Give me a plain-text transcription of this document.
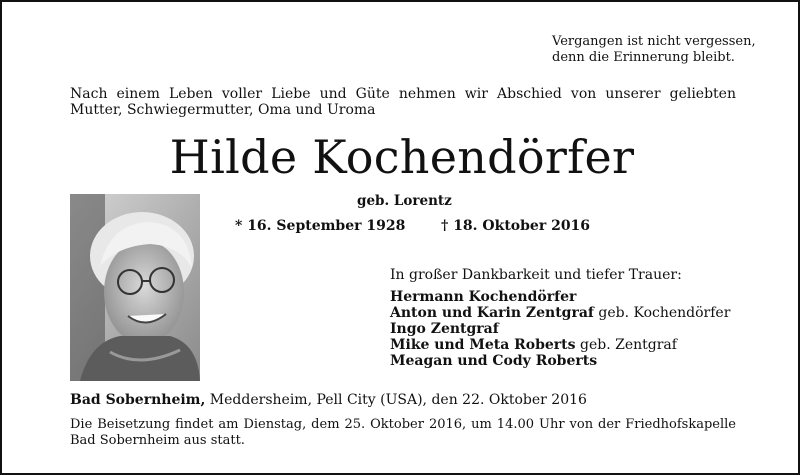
Vergangen ist nicht vergessen,
denn die Erinnerung bleibt.
Nach einem Leben voller Liebe und Güte nehmen wir Abschied von unserer geliebten Mutter, Schwiegermutter, Oma und Uroma
Hilde Kochendörfer
geb. Lorentz
* 16. September 1928	† 18. Oktober 2016
In großer Dankbarkeit und tiefer Trauer:
Hermann Kochendörfer
Anton und Karin Zentgraf geb. Kochendörfer
Ingo Zentgraf
Mike und Meta Roberts geb. Zentgraf
Meagan und Cody Roberts
Bad Sobernheim, Meddersheim, Pell City (USA), den 22. Oktober 2016
Die Beisetzung findet am Dienstag, dem 25. Oktober 2016, um 14.00 Uhr von der Friedhofskapelle Bad Sobernheim aus statt.
